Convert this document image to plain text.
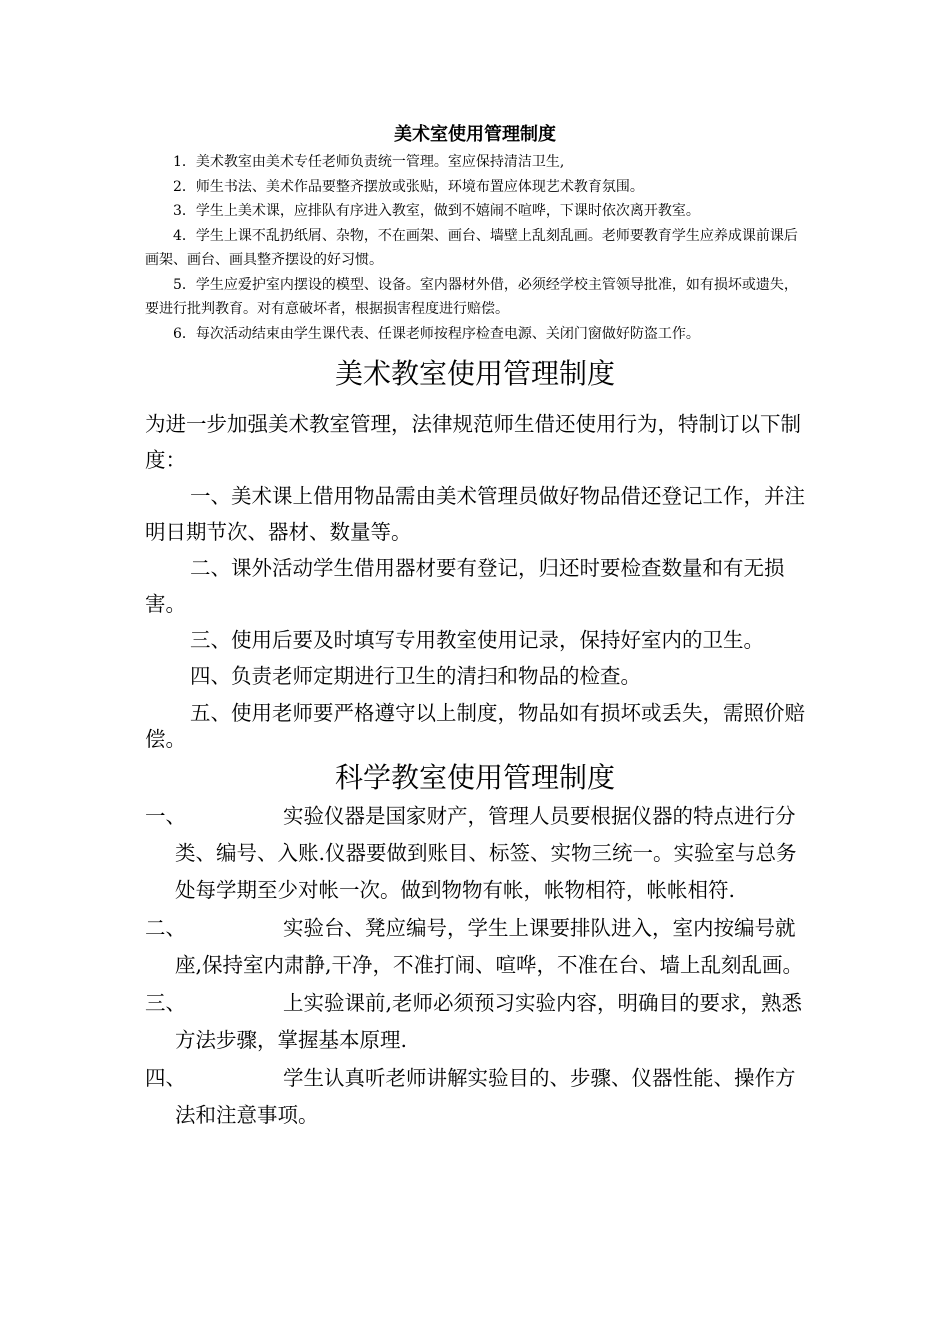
美术室使用管理制度

1．美术教室由美术专任老师负责统一管理。室应保持清洁卫生,

2．师生书法、美术作品要整齐摆放或张贴，环境布置应体现艺术教育氛围。

3．学生上美术课，应排队有序进入教室，做到不嬉闹不喧哗，下课时依次离开教室。

4．学生上课不乱扔纸屑、杂物，不在画架、画台、墙壁上乱刻乱画。老师要教育学生应养成课前课后画架、画台、画具整齐摆设的好习惯。

5．学生应爱护室内摆设的模型、设备。室内器材外借，必须经学校主管领导批准，如有损坏或遗失，要进行批判教育。对有意破坏者，根据损害程度进行赔偿。

6．每次活动结束由学生课代表、任课老师按程序检查电源、关闭门窗做好防盗工作。

美术教室使用管理制度

为进一步加强美术教室管理，法律规范师生借还使用行为，特制订以下制度：

一、美术课上借用物品需由美术管理员做好物品借还登记工作，并注明日期节次、器材、数量等。

二、课外活动学生借用器材要有登记，归还时要检查数量和有无损害。

三、使用后要及时填写专用教室使用记录，保持好室内的卫生。

四、负责老师定期进行卫生的清扫和物品的检查。

五、使用老师要严格遵守以上制度，物品如有损坏或丢失，需照价赔偿。

科学教室使用管理制度
一、	实验仪器是国家财产，管理人员要根据仪器的特点进行分类、编号、入账.仪器要做到账目、标签、实物三统一。实验室与总务处每学期至少对帐一次。做到物物有帐，帐物相符，帐帐相符.
二、	实验台、凳应编号，学生上课要排队进入，室内按编号就座,保持室内肃静,干净，不准打闹、喧哗，不准在台、墙上乱刻乱画。
三、	上实验课前,老师必须预习实验内容，明确目的要求，熟悉方法步骤，掌握基本原理.
四、	学生认真听老师讲解实验目的、步骤、仪器性能、操作方法和注意事项。
